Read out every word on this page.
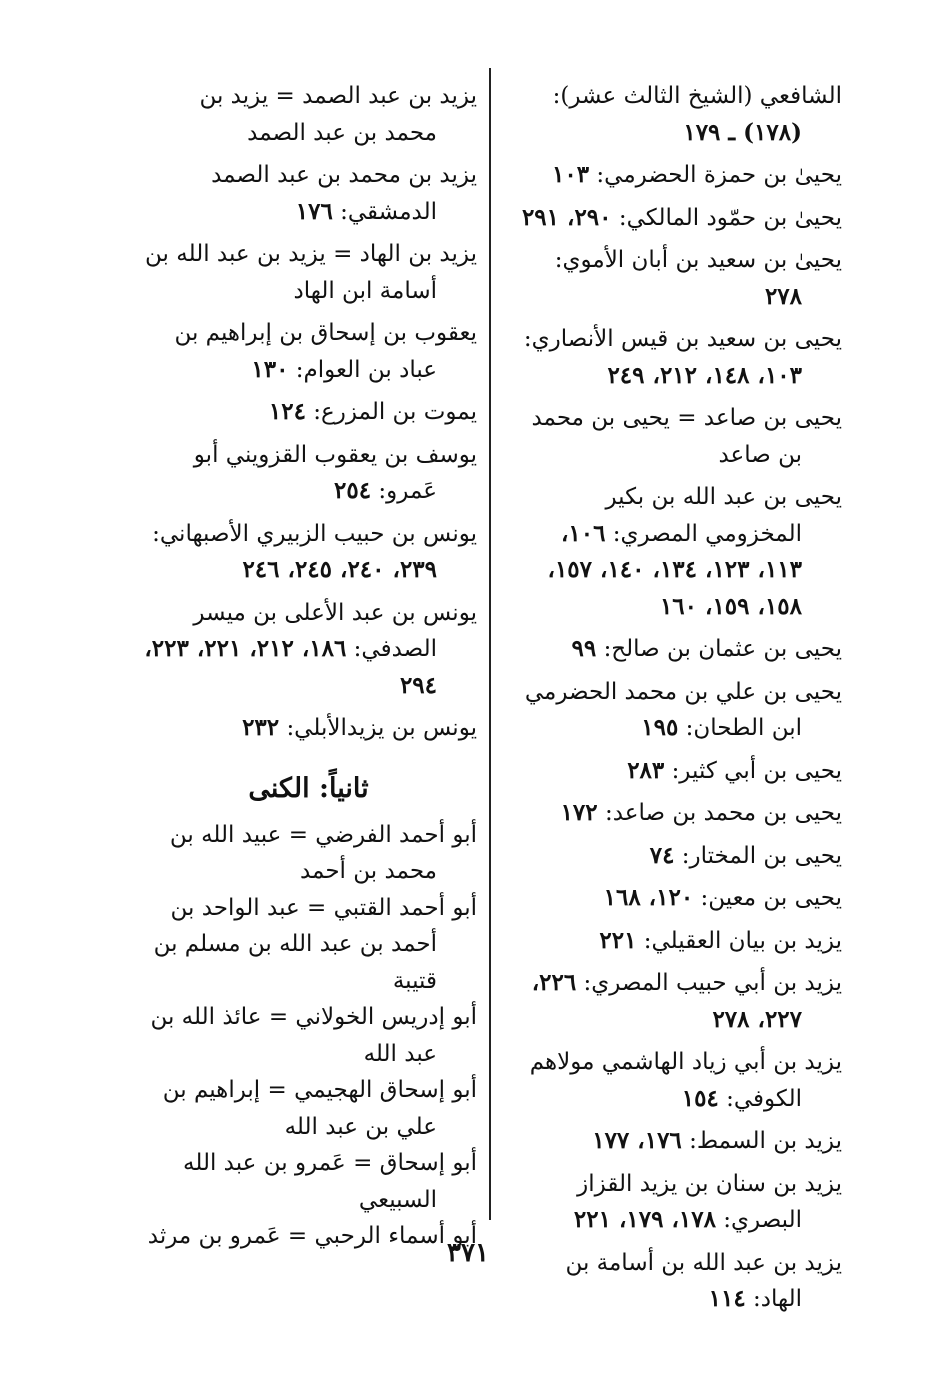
الشافعي (الشيخ الثالث عشر): (١٧٨) ـ ١٧٩

يحيىٰ بن حمزة الحضرمي: ١٠٣

يحيىٰ بن حمّود المالكي: ٢٩٠، ٢٩١

يحيىٰ بن سعيد بن أبان الأموي: ٢٧٨

يحيى بن سعيد بن قيس الأنصاري: ١٠٣، ١٤٨، ٢١٢، ٢٤٩

يحيى بن صاعد = يحيى بن محمد بن صاعد

يحيى بن عبد الله بن بكير المخزومي المصري: ١٠٦، ١١٣، ١٢٣، ١٣٤، ١٤٠، ١٥٧، ١٥٨، ١٥٩، ١٦٠

يحيى بن عثمان بن صالح: ٩٩

يحيى بن علي بن محمد الحضرمي ابن الطحان: ١٩٥

يحيى بن أبي كثير: ٢٨٣

يحيى بن محمد بن صاعد: ١٧٢

يحيى بن المختار: ٧٤

يحيى بن معين: ١٢٠، ١٦٨

يزيد بن بيان العقيلي: ٢٢١

يزيد بن أبي حبيب المصري: ٢٢٦، ٢٢٧، ٢٧٨

يزيد بن أبي زياد الهاشمي مولاهم الكوفي: ١٥٤

يزيد بن السمط: ١٧٦، ١٧٧

يزيد بن سنان بن يزيد القزاز البصري: ١٧٨، ١٧٩، ٢٢١

يزيد بن عبد الله بن أسامة بن الهاد: ١١٤

يزيد بن عبد الصمد = يزيد بن محمد بن عبد الصمد

يزيد بن محمد بن عبد الصمد الدمشقي: ١٧٦

يزيد بن الهاد = يزيد بن عبد الله بن أسامة ابن الهاد

يعقوب بن إسحاق بن إبراهيم بن عباد بن العوام: ١٣٠

يموت بن المزرع: ١٢٤

يوسف بن يعقوب القزويني أبو عَمرو: ٢٥٤

يونس بن حبيب الزبيري الأصبهاني: ٢٣٩، ٢٤٠، ٢٤٥، ٢٤٦

يونس بن عبد الأعلى بن ميسر الصدفي: ١٨٦، ٢١٢، ٢٢١، ٢٢٣، ٢٩٤

يونس بن يزيدالأبلي: ٢٣٢

ثانياً: الكنى

أبو أحمد الفرضي = عبيد الله بن محمد بن أحمد

أبو أحمد القتبي = عبد الواحد بن أحمد بن عبد الله بن مسلم بن قتيبة

أبو إدريس الخولاني = عائذ الله بن عبد الله

أبو إسحاق الهجيمي = إبراهيم بن علي بن عبد الله

أبو إسحاق = عَمرو بن عبد الله السبيعي

أبو أسماء الرحبي = عَمرو بن مرثد

٣٧١
